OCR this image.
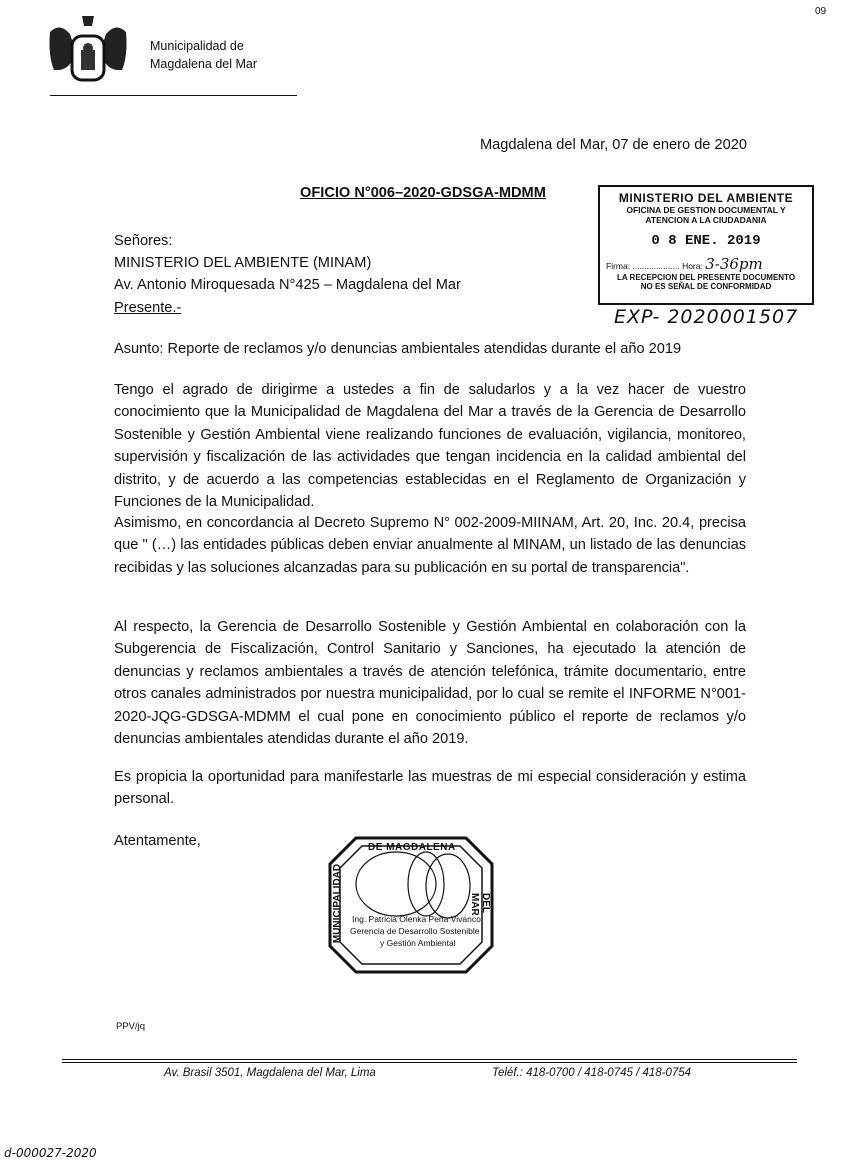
09
Municipalidad de
Magdalena del Mar
Magdalena del Mar, 07 de enero de 2020
OFICIO N°006–2020-GDSGA-MDMM
Señores:
MINISTERIO DEL AMBIENTE (MINAM)
Av. Antonio Miroquesada N°425 – Magdalena del Mar
Presente.-
MINISTERIO DEL AMBIENTE
OFICINA DE GESTION DOCUMENTAL Y
ATENCION A LA CIUDADANIA
0 8 ENE. 2019
Firma: .................... Hora: 3-36pm
LA RECEPCION DEL PRESENTE DOCUMENTO
NO ES SEÑAL DE CONFORMIDAD
EXP- 2020001507
Asunto: Reporte de reclamos y/o denuncias ambientales atendidas durante el año 2019
Tengo el agrado de dirigirme a ustedes a fin de saludarlos y a la vez hacer de vuestro conocimiento que la Municipalidad de Magdalena del Mar a través de la Gerencia de Desarrollo Sostenible y Gestión Ambiental viene realizando funciones de evaluación, vigilancia, monitoreo, supervisión y fiscalización de las actividades que tengan incidencia en la calidad ambiental del distrito, y de acuerdo a las competencias establecidas en el Reglamento de Organización y Funciones de la Municipalidad.
Asimismo, en concordancia al Decreto Supremo N° 002-2009-MIINAM, Art. 20, Inc. 20.4, precisa que " (…) las entidades públicas deben enviar anualmente al MINAM, un listado de las denuncias recibidas y las soluciones alcanzadas para su publicación en su portal de transparencia".
Al respecto, la Gerencia de Desarrollo Sostenible y Gestión Ambiental en colaboración con la Subgerencia de Fiscalización, Control Sanitario y Sanciones, ha ejecutado la atención de denuncias y reclamos ambientales a través de atención telefónica, trámite documentario, entre otros canales administrados por nuestra municipalidad, por lo cual se remite el INFORME N°001-2020-JQG-GDSGA-MDMM el cual pone en conocimiento público el reporte de reclamos y/o denuncias ambientales atendidas durante el año 2019.
Es propicia la oportunidad para manifestarle las muestras de mi especial consideración y estima personal.
Atentamente,	DE MAGDALENA
MUNICIPALIDAD	DEL MAR
Ing. Patricia Olenka Peña Vivanco
Gerencia de Desarrollo Sostenible
y Gestión Ambiental
PPV/jq
Av. Brasil 3501, Magdalena del Mar, Lima	Teléf.: 418-0700 / 418-0745 / 418-0754
d-000027-2020
